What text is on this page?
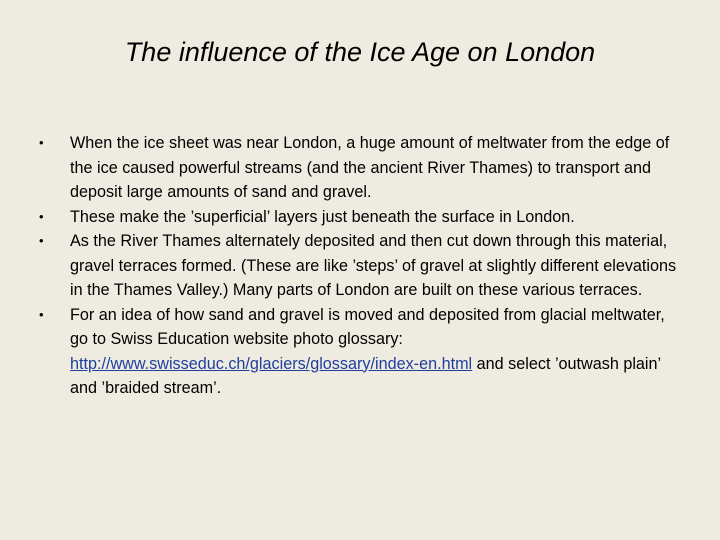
The influence of the Ice Age on London
• When the ice sheet was near London, a huge amount of meltwater from the edge of the ice caused powerful streams (and the ancient River Thames) to transport and deposit large amounts of sand and gravel.
• These make the ’superficial’ layers just beneath the surface in London.
• As the River Thames alternately deposited and then cut down through this material, gravel terraces formed. (These are like ’steps’ of gravel at slightly different elevations in the Thames Valley.) Many parts of London are built on these various terraces.
• For an idea of how sand and gravel is moved and deposited from glacial meltwater, go to Swiss Education website photo glossary: http://www.swisseduc.ch/glaciers/glossary/index-en.html and select ’outwash plain’ and ’braided stream’.
